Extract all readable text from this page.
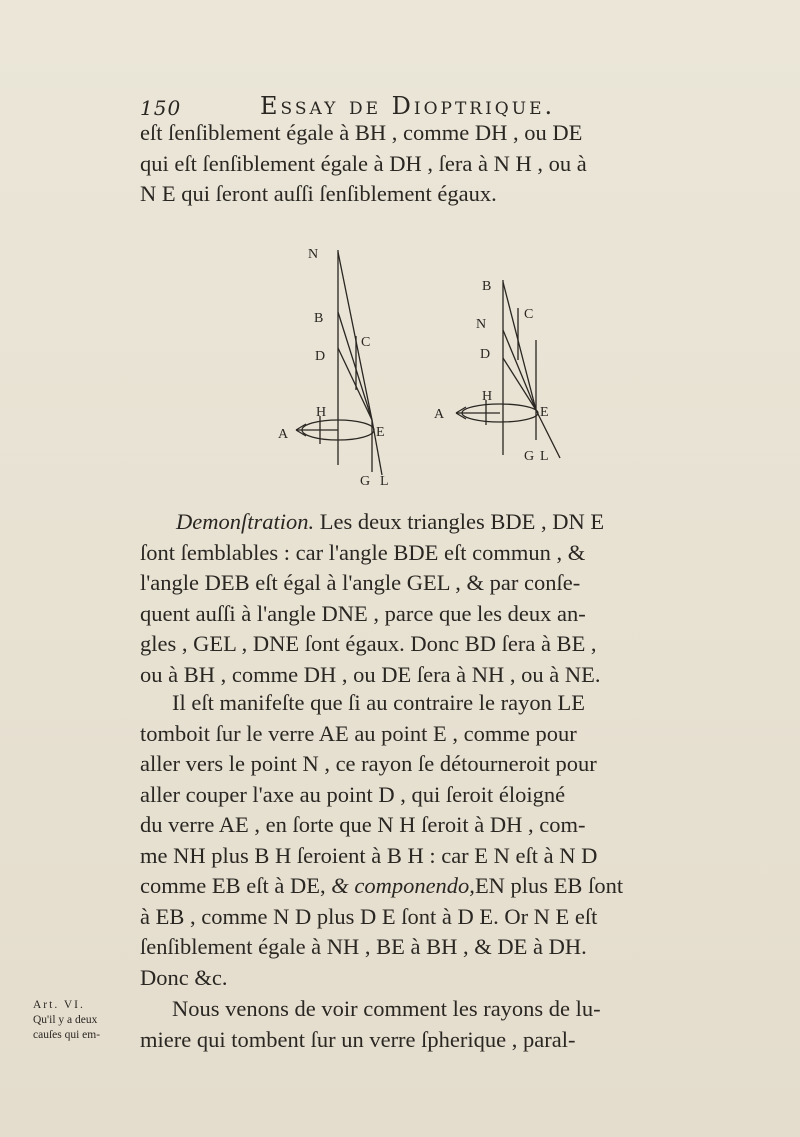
150	Essay de Dioptrique.
eſt ſenſiblement égale à BH , comme DH , ou DE
qui eſt ſenſiblement égale à DH , ſera à N H , ou à
N E qui ſeront auſſi ſenſiblement égaux.
N
B
C
D
H
A	E
G L
B
N
C
D
H
A	E
G L
Demonſtration. Les deux triangles BDE , DN E
ſont ſemblables : car l'angle BDE eſt commun , &
l'angle DEB eſt égal à l'angle GEL , & par conſe-
quent auſſi à l'angle DNE , parce que les deux an-
gles , GEL , DNE ſont égaux. Donc BD ſera à BE ,
ou à BH , comme DH , ou DE ſera à NH , ou à NE.
Il eſt manifeſte que ſi au contraire le rayon LE
tomboit ſur le verre AE au point E , comme pour
aller vers le point N , ce rayon ſe détourneroit pour
aller couper l'axe au point D , qui ſeroit éloigné
du verre AE , en ſorte que N H ſeroit à DH , com-
me NH plus B H ſeroient à B H : car E N eſt à N D
comme EB eſt à DE, & componendo,EN plus EB ſont
à EB , comme N D plus D E ſont à D E. Or N E eſt
ſenſiblement égale à NH , BE à BH , & DE à DH.
Donc &c.
Art. VI.
Qu'il y a deux
cauſes qui em-
Nous venons de voir comment les rayons de lu-
miere qui tombent ſur un verre ſpherique , paral-
